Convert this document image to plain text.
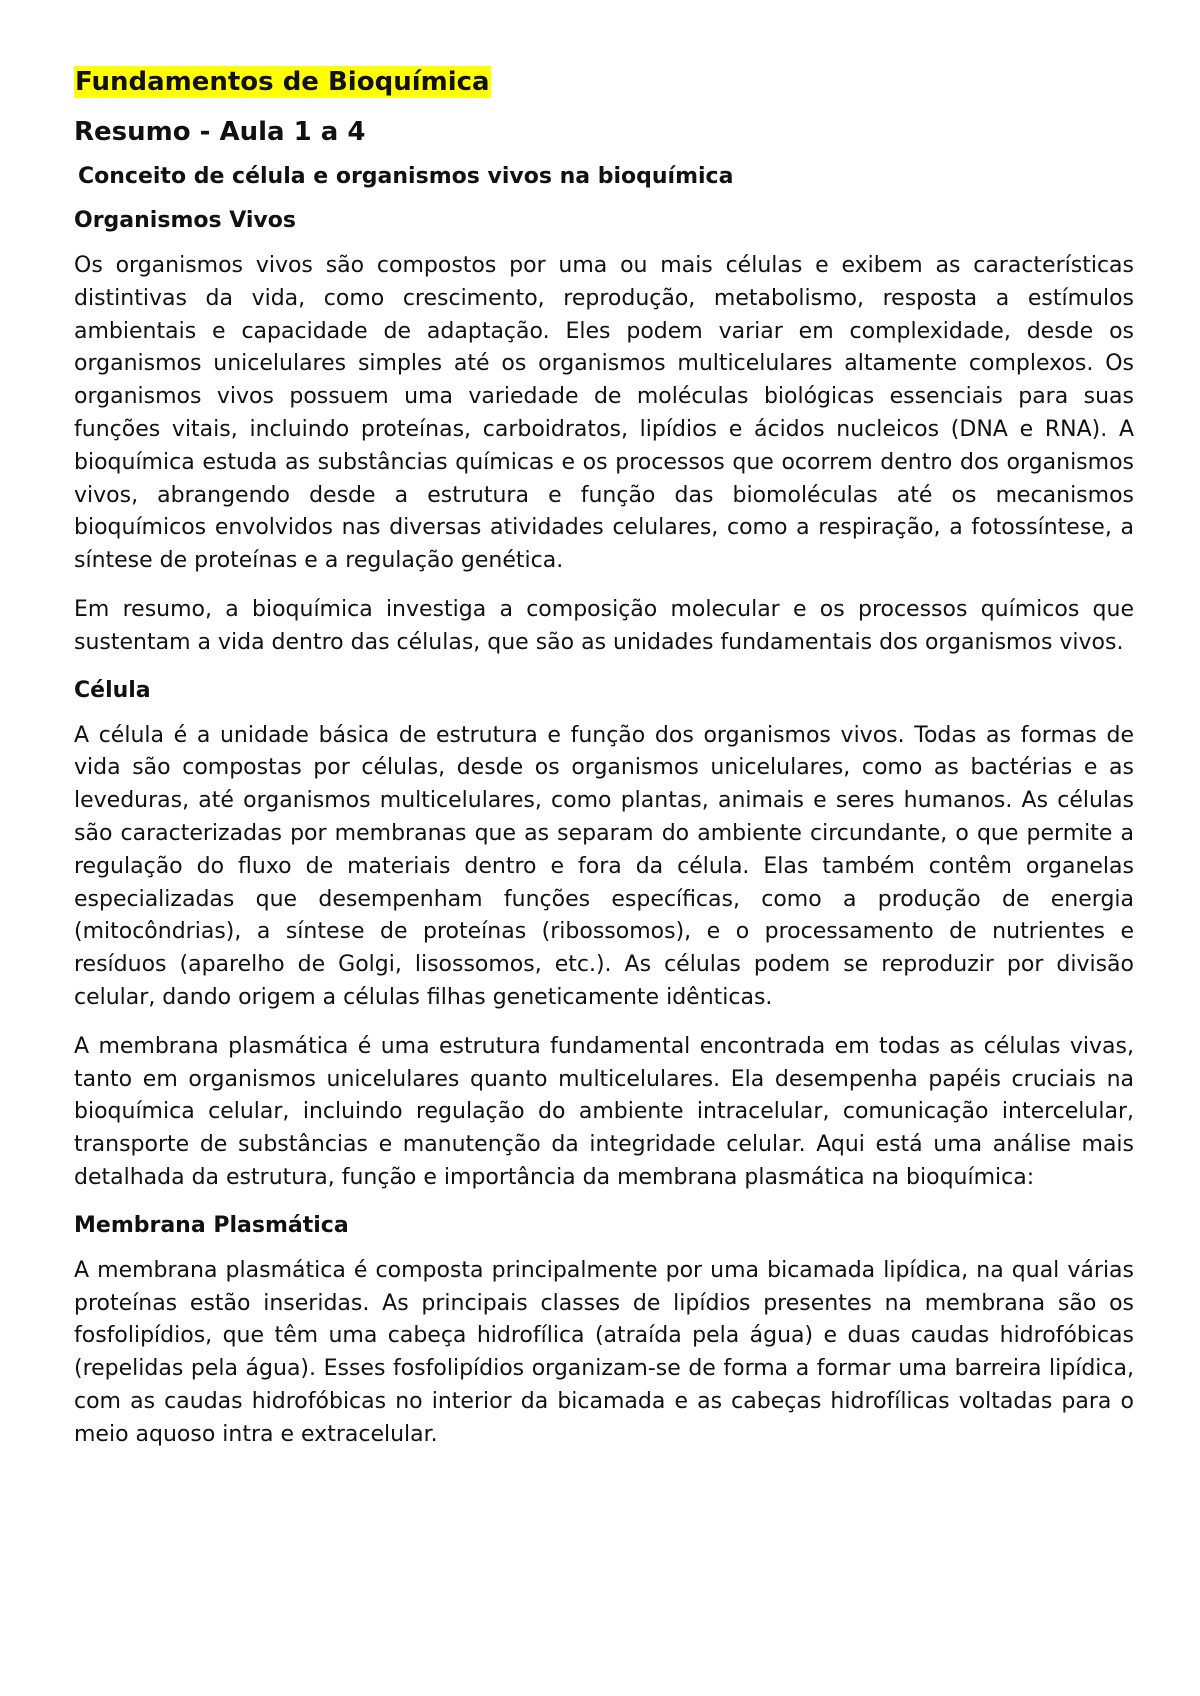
Fundamentos de Bioquímica
Resumo - Aula 1 a 4
Conceito de célula e organismos vivos na bioquímica
Organismos Vivos

Os organismos vivos são compostos por uma ou mais células e exibem as características distintivas da vida, como crescimento, reprodução, metabolismo, resposta a estímulos ambientais e capacidade de adaptação. Eles podem variar em complexidade, desde os organismos unicelulares simples até os organismos multicelulares altamente complexos. Os organismos vivos possuem uma variedade de moléculas biológicas essenciais para suas funções vitais, incluindo proteínas, carboidratos, lipídios e ácidos nucleicos (DNA e RNA). A bioquímica estuda as substâncias químicas e os processos que ocorrem dentro dos organismos vivos, abrangendo desde a estrutura e função das biomoléculas até os mecanismos bioquímicos envolvidos nas diversas atividades celulares, como a respiração, a fotossíntese, a síntese de proteínas e a regulação genética.

Em resumo, a bioquímica investiga a composição molecular e os processos químicos que sustentam a vida dentro das células, que são as unidades fundamentais dos organismos vivos.

Célula

A célula é a unidade básica de estrutura e função dos organismos vivos. Todas as formas de vida são compostas por células, desde os organismos unicelulares, como as bactérias e as leveduras, até organismos multicelulares, como plantas, animais e seres humanos. As células são caracterizadas por membranas que as separam do ambiente circundante, o que permite a regulação do fluxo de materiais dentro e fora da célula. Elas também contêm organelas especializadas que desempenham funções específicas, como a produção de energia (mitocôndrias), a síntese de proteínas (ribossomos), e o processamento de nutrientes e resíduos (aparelho de Golgi, lisossomos, etc.). As células podem se reproduzir por divisão celular, dando origem a células filhas geneticamente idênticas.

A membrana plasmática é uma estrutura fundamental encontrada em todas as células vivas, tanto em organismos unicelulares quanto multicelulares. Ela desempenha papéis cruciais na bioquímica celular, incluindo regulação do ambiente intracelular, comunicação intercelular, transporte de substâncias e manutenção da integridade celular. Aqui está uma análise mais detalhada da estrutura, função e importância da membrana plasmática na bioquímica:

Membrana Plasmática

A membrana plasmática é composta principalmente por uma bicamada lipídica, na qual várias proteínas estão inseridas. As principais classes de lipídios presentes na membrana são os fosfolipídios, que têm uma cabeça hidrofílica (atraída pela água) e duas caudas hidrofóbicas (repelidas pela água). Esses fosfolipídios organizam-se de forma a formar uma barreira lipídica, com as caudas hidrofóbicas no interior da bicamada e as cabeças hidrofílicas voltadas para o meio aquoso intra e extracelular.
